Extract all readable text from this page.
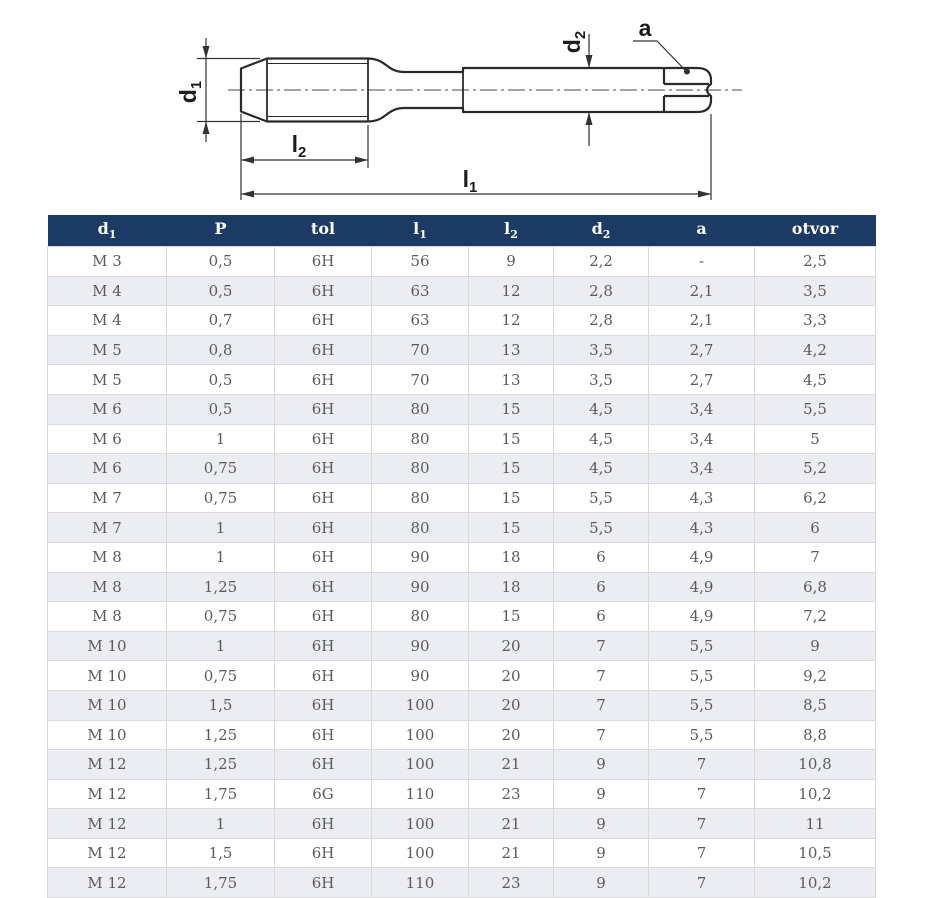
$d_1$
$l_2$
$l_1$
$d_2$ a
$d_1$	P	tol	$l_1$	$l_2$	$d_2$	a	otvor
M 3	0,5	6H	56	9	2,2	-	2,5
M 4	0,5	6H	63	12	2,8	2,1	3,5
M 4	0,7	6H	63	12	2,8	2,1	3,3
M 5	0,8	6H	70	13	3,5	2,7	4,2
M 5	0,5	6H	70	13	3,5	2,7	4,5
M 6	0,5	6H	80	15	4,5	3,4	5,5
M 6	1	6H	80	15	4,5	3,4	5
M 6	0,75	6H	80	15	4,5	3,4	5,2
M 7	0,75	6H	80	15	5,5	4,3	6,2
M 7	1	6H	80	15	5,5	4,3	6
M 8	1	6H	90	18	6	4,9	7
M 8	1,25	6H	90	18	6	4,9	6,8
M 8	0,75	6H	80	15	6	4,9	7,2
M 10	1	6H	90	20	7	5,5	9
M 10	0,75	6H	90	20	7	5,5	9,2
M 10	1,5	6H	100	20	7	5,5	8,5
M 10	1,25	6H	100	20	7	5,5	8,8
M 12	1,25	6H	100	21	9	7	10,8
M 12	1,75	6G	110	23	9	7	10,2
M 12	1	6H	100	21	9	7	11
M 12	1,5	6H	100	21	9	7	10,5
M 12	1,75	6H	110	23	9	7	10,2
